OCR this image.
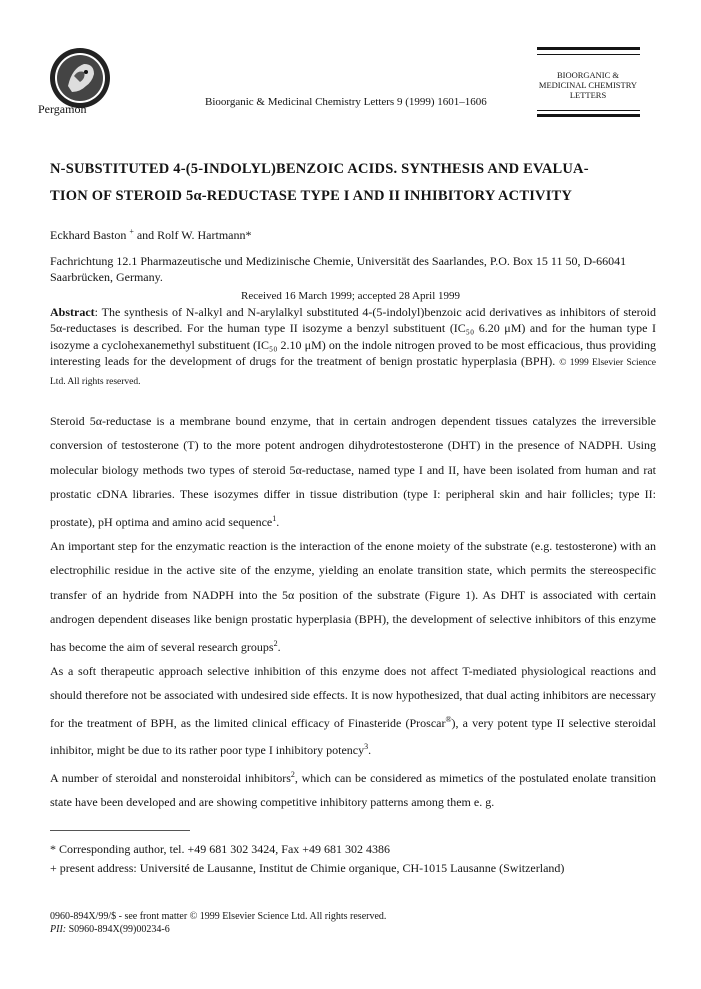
Pergamon	Bioorganic & Medicinal Chemistry Letters 9 (1999) 1601–1606
BIOORGANIC &
MEDICINAL CHEMISTRY
LETTERS
N-SUBSTITUTED 4-(5-INDOLYL)BENZOIC ACIDS. SYNTHESIS AND EVALUA-
TION OF STEROID 5α-REDUCTASE TYPE I AND II INHIBITORY ACTIVITY
Eckhard Baston + and Rolf W. Hartmann*
Fachrichtung 12.1 Pharmazeutische und Medizinische Chemie, Universität des Saarlandes, P.O. Box 15 11 50, D-66041 Saarbrücken, Germany.
Received 16 March 1999; accepted 28 April 1999
Abstract: The synthesis of N-alkyl and N-arylalkyl substituted 4-(5-indolyl)benzoic acid derivatives as inhibitors of steroid 5α-reductases is described. For the human type II isozyme a benzyl substituent (IC₅₀ 6.20 μM) and for the human type I isozyme a cyclohexanemethyl substituent (IC₅₀ 2.10 μM) on the indole nitrogen proved to be most efficacious, thus providing interesting leads for the development of drugs for the treatment of benign prostatic hyperplasia (BPH). © 1999 Elsevier Science Ltd. All rights reserved.

Steroid 5α-reductase is a membrane bound enzyme, that in certain androgen dependent tissues catalyzes the irreversible conversion of testosterone (T) to the more potent androgen dihydrotestosterone (DHT) in the presence of NADPH. Using molecular biology methods two types of steroid 5α-reductase, named type I and II, have been isolated from human and rat prostatic cDNA libraries. These isozymes differ in tissue distribution (type I: peripheral skin and hair follicles; type II: prostate), pH optima and amino acid sequence$^1$.

An important step for the enzymatic reaction is the interaction of the enone moiety of the substrate (e.g. testosterone) with an electrophilic residue in the active site of the enzyme, yielding an enolate transition state, which permits the stereospecific transfer of an hydride from NADPH into the 5α position of the substrate (Figure 1). As DHT is associated with certain androgen dependent diseases like benign prostatic hyperplasia (BPH), the development of selective inhibitors of this enzyme has become the aim of several research groups$^2$.

As a soft therapeutic approach selective inhibition of this enzyme does not affect T-mediated physiological reactions and should therefore not be associated with undesired side effects. It is now hypothesized, that dual acting inhibitors are necessary for the treatment of BPH, as the limited clinical efficacy of Finasteride (Proscar®), a very potent type II selective steroidal inhibitor, might be due to its rather poor type I inhibitory potency$^3$.

A number of steroidal and nonsteroidal inhibitors$^2$, which can be considered as mimetics of the postulated enolate transition state have been developed and are showing competitive inhibitory patterns among them e. g.

* Corresponding author, tel. +49 681 302 3424, Fax +49 681 302 4386
+ present address: Université de Lausanne, Institut de Chimie organique, CH-1015 Lausanne (Switzerland)
0960-894X/99/$ - see front matter © 1999 Elsevier Science Ltd. All rights reserved.
PII: S0960-894X(99)00234-6
